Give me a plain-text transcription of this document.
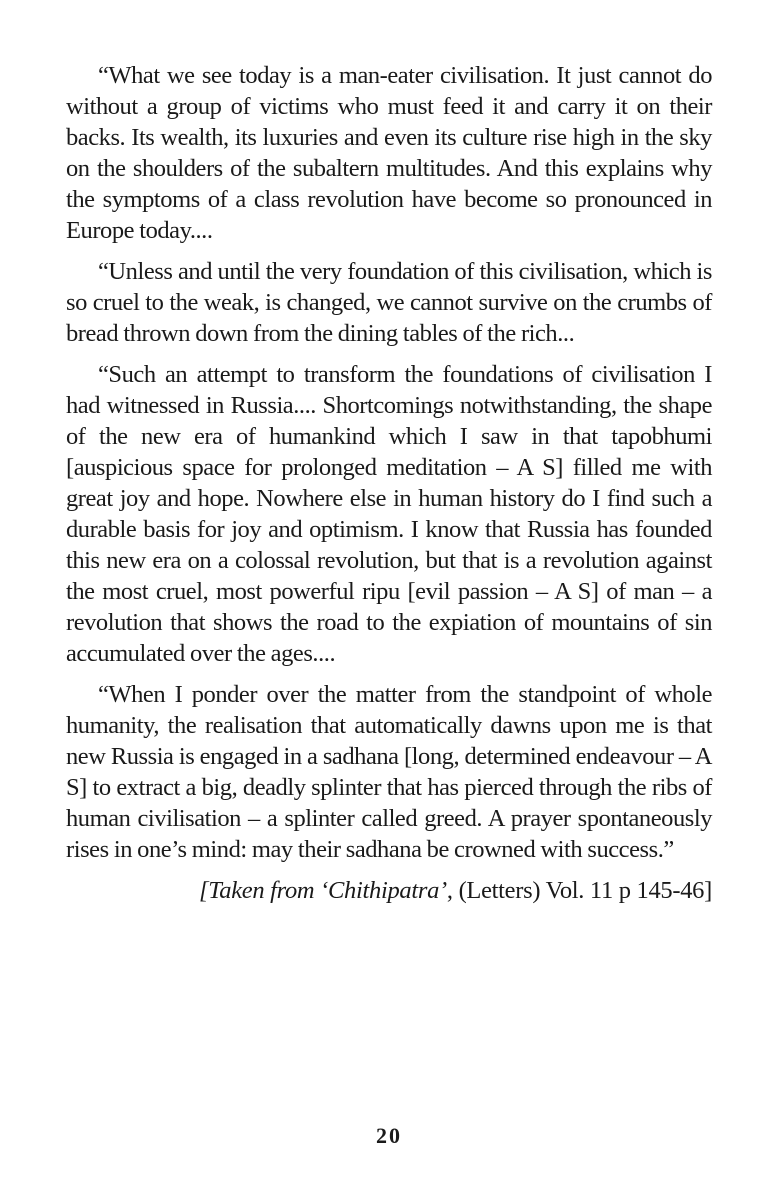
“What we see today is a man-eater civilisation. It just cannot do without a group of victims who must feed it and carry it on their backs. Its wealth, its luxuries and even its culture rise high in the sky on the shoulders of the subaltern multitudes. And this explains why the symptoms of a class revolution have become so pronounced in Europe today....

“Unless and until the very foundation of this civilisation, which is so cruel to the weak, is changed, we cannot survive on the crumbs of bread thrown down from the dining tables of the rich...

“Such an attempt to transform the foundations of civilisation I had witnessed in Russia.... Shortcomings notwithstanding, the shape of the new era of humankind which I saw in that tapobhumi [auspicious space for prolonged meditation – A S] filled me with great joy and hope. Nowhere else in human history do I find such a durable basis for joy and optimism. I know that Russia has founded this new era on a colossal revolution, but that is a revolution against the most cruel, most powerful ripu [evil passion – A S] of man – a revolution that shows the road to the expiation of mountains of sin accumulated over the ages....

“When I ponder over the matter from the standpoint of whole humanity, the realisation that automatically dawns upon me is that new Russia is engaged in a sadhana [long, determined endeavour – A S] to extract a big, deadly splinter that has pierced through the ribs of human civilisation – a splinter called greed. A prayer spontaneously rises in one’s mind: may their sadhana be crowned with success.”

[Taken from ‘Chithipatra’, (Letters) Vol. 11 p 145-46]

20
